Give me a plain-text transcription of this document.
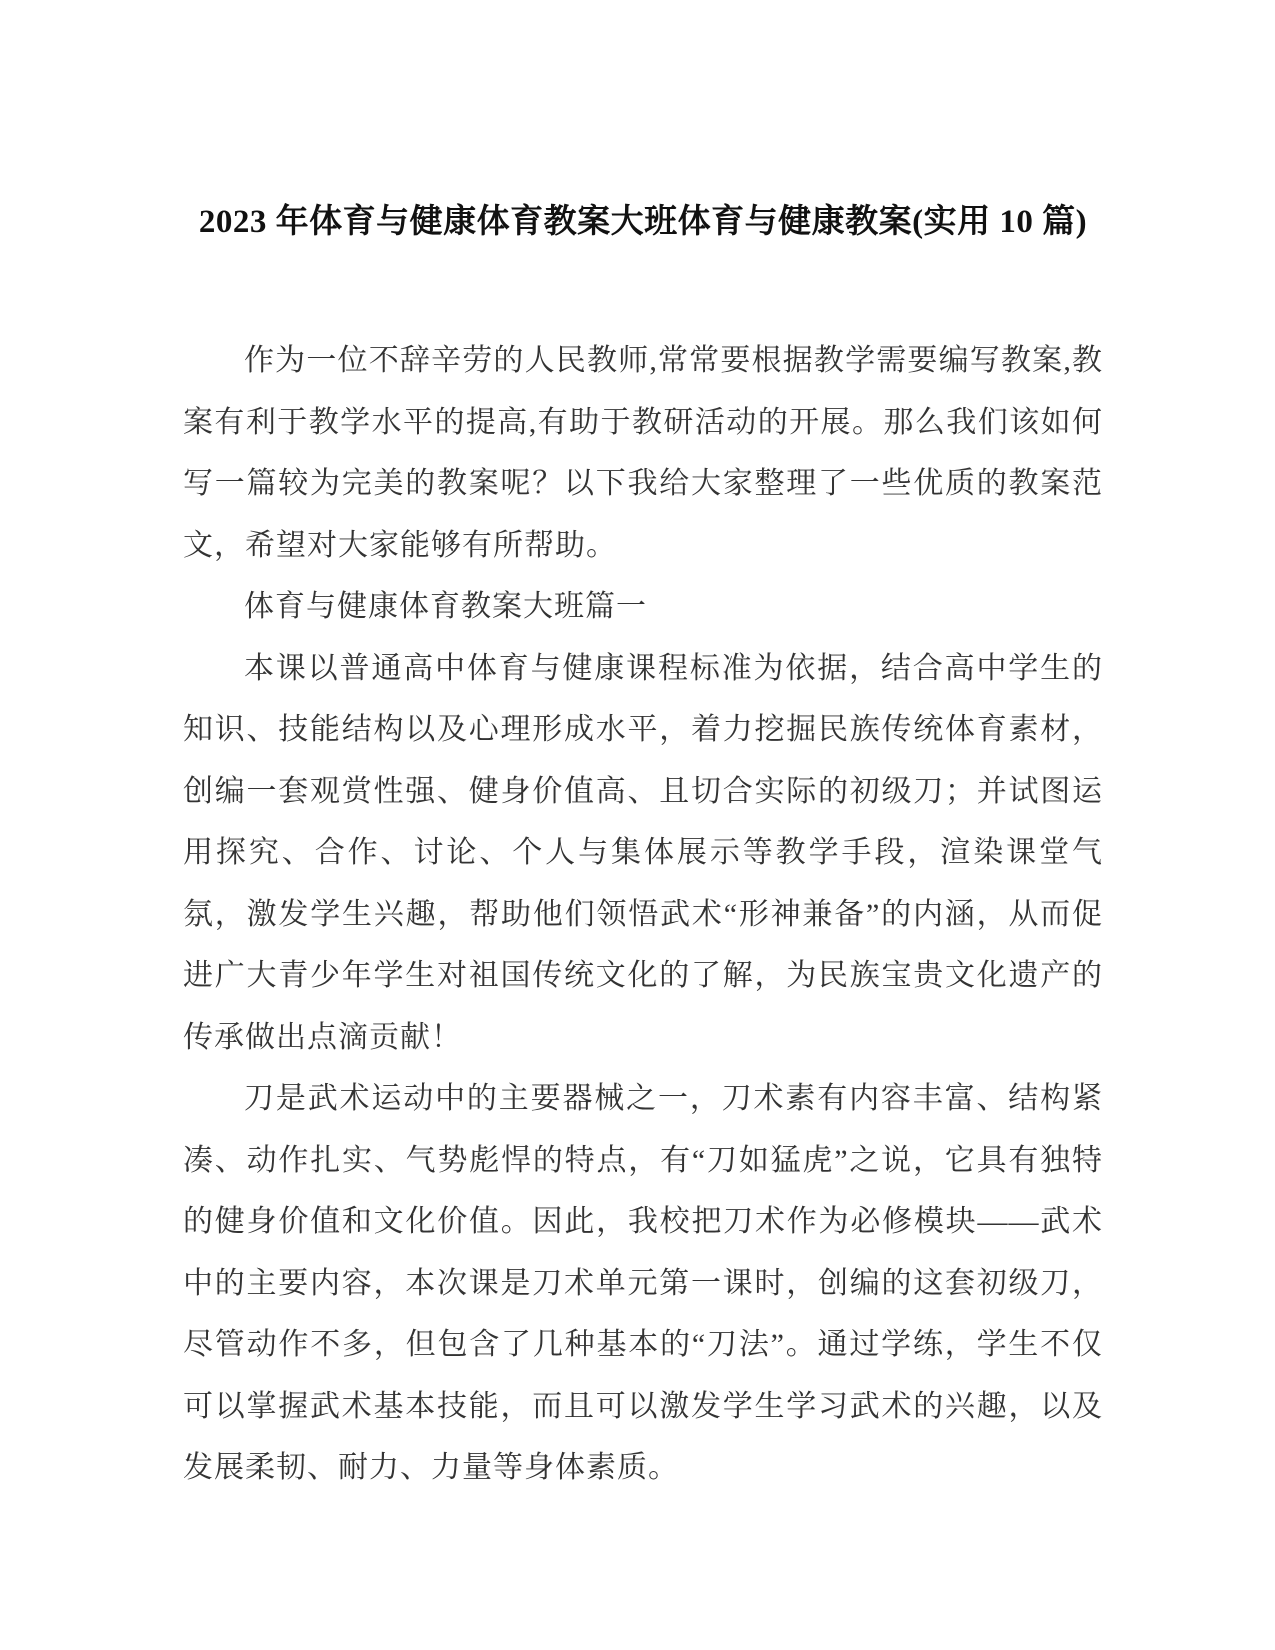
2023 年体育与健康体育教案大班体育与健康教案(实用 10 篇)

作为一位不辞辛劳的人民教师,常常要根据教学需要编写教案,教案有利于教学水平的提高,有助于教研活动的开展。那么我们该如何写一篇较为完美的教案呢？以下我给大家整理了一些优质的教案范文，希望对大家能够有所帮助。

体育与健康体育教案大班篇一

本课以普通高中体育与健康课程标准为依据，结合高中学生的知识、技能结构以及心理形成水平，着力挖掘民族传统体育素材，创编一套观赏性强、健身价值高、且切合实际的初级刀；并试图运用探究、合作、讨论、个人与集体展示等教学手段，渲染课堂气氛，激发学生兴趣，帮助他们领悟武术“形神兼备”的内涵，从而促进广大青少年学生对祖国传统文化的了解，为民族宝贵文化遗产的传承做出点滴贡献！

刀是武术运动中的主要器械之一，刀术素有内容丰富、结构紧凑、动作扎实、气势彪悍的特点，有“刀如猛虎”之说，它具有独特的健身价值和文化价值。因此，我校把刀术作为必修模块——武术中的主要内容，本次课是刀术单元第一课时，创编的这套初级刀，尽管动作不多，但包含了几种基本的“刀法”。通过学练，学生不仅可以掌握武术基本技能，而且可以激发学生学习武术的兴趣，以及发展柔韧、耐力、力量等身体素质。
